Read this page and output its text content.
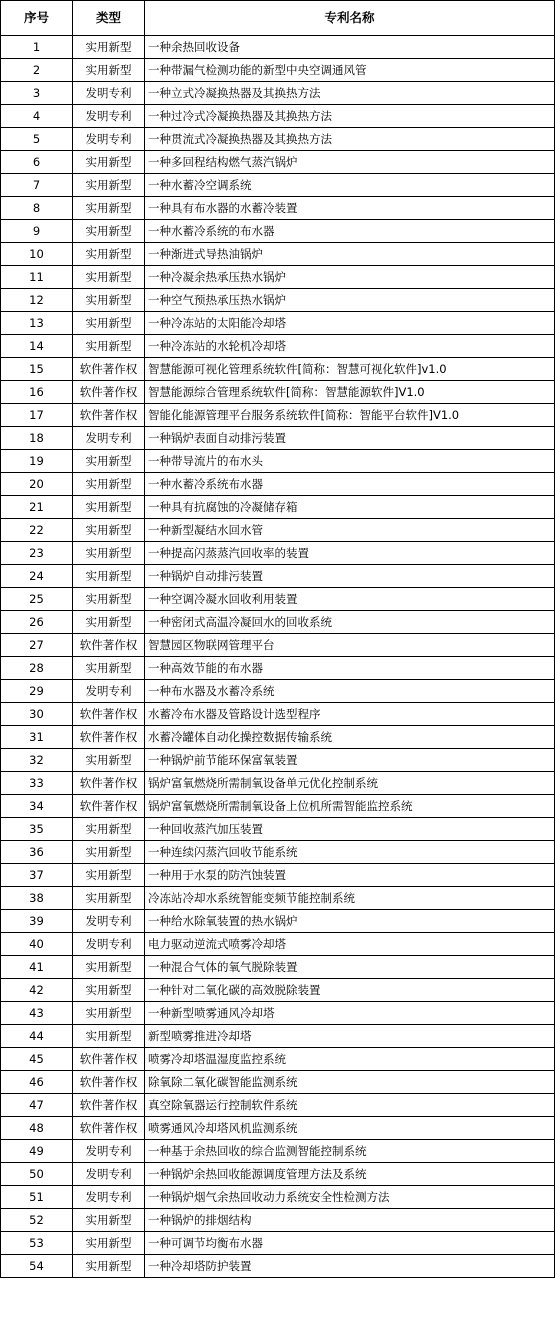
序号	类型	专利名称
1	实用新型	一种余热回收设备
2	实用新型	一种带漏气检测功能的新型中央空调通风管
3	发明专利	一种立式冷凝换热器及其换热方法
4	发明专利	一种过冷式冷凝换热器及其换热方法
5	发明专利	一种贯流式冷凝换热器及其换热方法
6	实用新型	一种多回程结构燃气蒸汽锅炉
7	实用新型	一种水蓄冷空调系统
8	实用新型	一种具有布水器的水蓄冷装置
9	实用新型	一种水蓄冷系统的布水器
10	实用新型	一种渐进式导热油锅炉
11	实用新型	一种冷凝余热承压热水锅炉
12	实用新型	一种空气预热承压热水锅炉
13	实用新型	一种冷冻站的太阳能冷却塔
14	实用新型	一种冷冻站的水轮机冷却塔
15	软件著作权	智慧能源可视化管理系统软件[简称：智慧可视化软件]v1.0
16	软件著作权	智慧能源综合管理系统软件[简称：智慧能源软件]V1.0
17	软件著作权	智能化能源管理平台服务系统软件[简称：智能平台软件]V1.0
18	发明专利	一种锅炉表面自动排污装置
19	实用新型	一种带导流片的布水头
20	实用新型	一种水蓄冷系统布水器
21	实用新型	一种具有抗腐蚀的冷凝储存箱
22	实用新型	一种新型凝结水回水管
23	实用新型	一种提高闪蒸蒸汽回收率的装置
24	实用新型	一种锅炉自动排污装置
25	实用新型	一种空调冷凝水回收利用装置
26	实用新型	一种密闭式高温冷凝回水的回收系统
27	软件著作权	智慧园区物联网管理平台
28	实用新型	一种高效节能的布水器
29	发明专利	一种布水器及水蓄冷系统
30	软件著作权	水蓄冷布水器及管路设计选型程序
31	软件著作权	水蓄冷罐体自动化操控数据传输系统
32	实用新型	一种锅炉前节能环保富氧装置
33	软件著作权	锅炉富氧燃烧所需制氧设备单元优化控制系统
34	软件著作权	锅炉富氧燃烧所需制氧设备上位机所需智能监控系统
35	实用新型	一种回收蒸汽加压装置
36	实用新型	一种连续闪蒸汽回收节能系统
37	实用新型	一种用于水泵的防汽蚀装置
38	实用新型	冷冻站冷却水系统智能变频节能控制系统
39	发明专利	一种给水除氧装置的热水锅炉
40	发明专利	电力驱动逆流式喷雾冷却塔
41	实用新型	一种混合气体的氧气脱除装置
42	实用新型	一种针对二氧化碳的高效脱除装置
43	实用新型	一种新型喷雾通风冷却塔
44	实用新型	新型喷雾推进冷却塔
45	软件著作权	喷雾冷却塔温湿度监控系统
46	软件著作权	除氧除二氧化碳智能监测系统
47	软件著作权	真空除氧器运行控制软件系统
48	软件著作权	喷雾通风冷却塔风机监测系统
49	发明专利	一种基于余热回收的综合监测智能控制系统
50	发明专利	一种锅炉余热回收能源调度管理方法及系统
51	发明专利	一种锅炉烟气余热回收动力系统安全性检测方法
52	实用新型	一种锅炉的排烟结构
53	实用新型	一种可调节均衡布水器
54	实用新型	一种冷却塔防护装置
